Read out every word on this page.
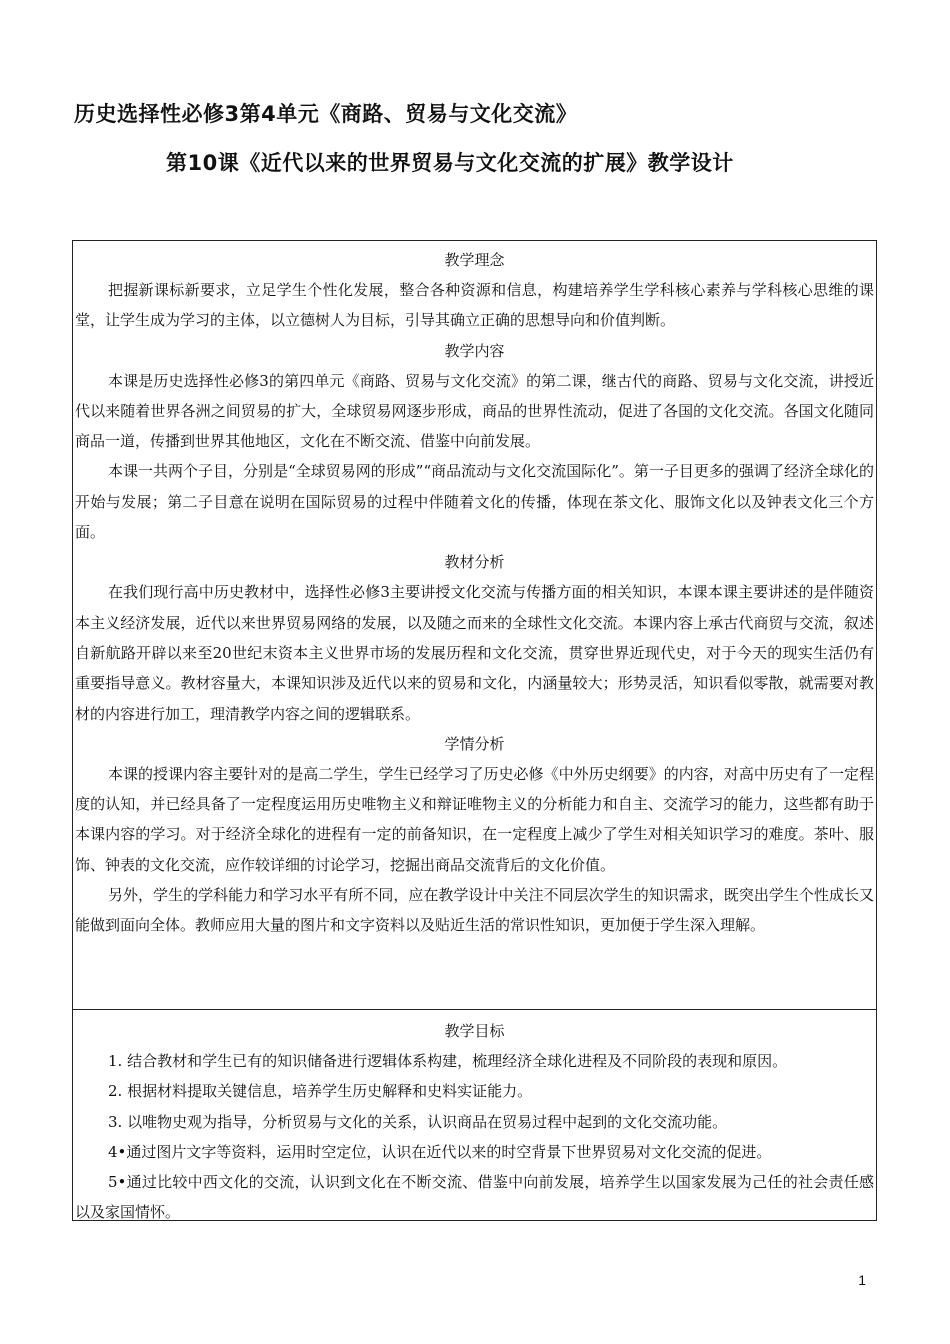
历史选择性必修3第4单元《商路、贸易与文化交流》
第10课《近代以来的世界贸易与文化交流的扩展》教学设计

教学理念

把握新课标新要求，立足学生个性化发展，整合各种资源和信息，构建培养学生学科核心素养与学科核心思维的课堂，让学生成为学习的主体，以立德树人为目标，引导其确立正确的思想导向和价值判断。

教学内容

本课是历史选择性必修3的第四单元《商路、贸易与文化交流》的第二课，继古代的商路、贸易与文化交流，讲授近代以来随着世界各洲之间贸易的扩大，全球贸易网逐步形成，商品的世界性流动，促进了各国的文化交流。各国文化随同商品一道，传播到世界其他地区，文化在不断交流、借鉴中向前发展。

本课一共两个子目，分别是“全球贸易网的形成”“商品流动与文化交流国际化”。第一子目更多的强调了经济全球化的开始与发展；第二子目意在说明在国际贸易的过程中伴随着文化的传播，体现在茶文化、服饰文化以及钟表文化三个方面。

教材分析

在我们现行高中历史教材中，选择性必修3主要讲授文化交流与传播方面的相关知识，本课本课主要讲述的是伴随资本主义经济发展，近代以来世界贸易网络的发展，以及随之而来的全球性文化交流。本课内容上承古代商贸与交流，叙述自新航路开辟以来至20世纪末资本主义世界市场的发展历程和文化交流，贯穿世界近现代史，对于今天的现实生活仍有重要指导意义。教材容量大，本课知识涉及近代以来的贸易和文化，内涵量较大；形势灵活，知识看似零散，就需要对教材的内容进行加工，理清教学内容之间的逻辑联系。

学情分析

本课的授课内容主要针对的是高二学生，学生已经学习了历史必修《中外历史纲要》的内容，对高中历史有了一定程度的认知，并已经具备了一定程度运用历史唯物主义和辩证唯物主义的分析能力和自主、交流学习的能力，这些都有助于本课内容的学习。对于经济全球化的进程有一定的前备知识，在一定程度上减少了学生对相关知识学习的难度。茶叶、服饰、钟表的文化交流，应作较详细的讨论学习，挖掘出商品交流背后的文化价值。

另外，学生的学科能力和学习水平有所不同，应在教学设计中关注不同层次学生的知识需求，既突出学生个性成长又能做到面向全体。教师应用大量的图片和文字资料以及贴近生活的常识性知识，更加便于学生深入理解。

教学目标

1. 结合教材和学生已有的知识储备进行逻辑体系构建，梳理经济全球化进程及不同阶段的表现和原因。

2. 根据材料提取关键信息，培养学生历史解释和史料实证能力。

3. 以唯物史观为指导，分析贸易与文化的关系，认识商品在贸易过程中起到的文化交流功能。

4•通过图片文字等资料，运用时空定位，认识在近代以来的时空背景下世界贸易对文化交流的促进。

5•通过比较中西文化的交流，认识到文化在不断交流、借鉴中向前发展，培养学生以国家发展为己任的社会责任感以及家国情怀。

1
